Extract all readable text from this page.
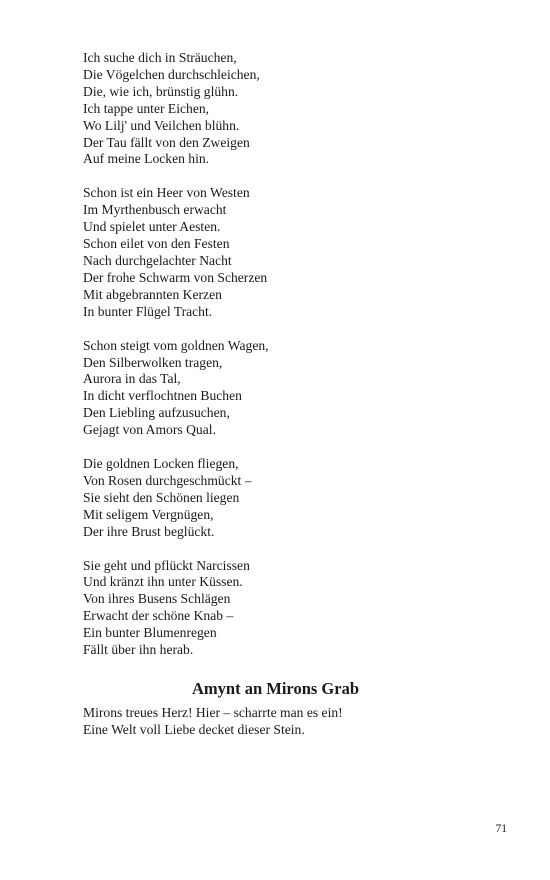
Ich suche dich in Sträuchen,
Die Vögelchen durchschleichen,
Die, wie ich, brünstig glühn.
Ich tappe unter Eichen,
Wo Lilj' und Veilchen blühn.
Der Tau fällt von den Zweigen
Auf meine Locken hin.
Schon ist ein Heer von Westen
Im Myrthenbusch erwacht
Und spielet unter Aesten.
Schon eilet von den Festen
Nach durchgelachter Nacht
Der frohe Schwarm von Scherzen
Mit abgebrannten Kerzen
In bunter Flügel Tracht.
Schon steigt vom goldnen Wagen,
Den Silberwolken tragen,
Aurora in das Tal,
In dicht verflochtnen Buchen
Den Liebling aufzusuchen,
Gejagt von Amors Qual.
Die goldnen Locken fliegen,
Von Rosen durchgeschmückt –
Sie sieht den Schönen liegen
Mit seligem Vergnügen,
Der ihre Brust beglückt.
Sie geht und pflückt Narcissen
Und kränzt ihn unter Küssen.
Von ihres Busens Schlägen
Erwacht der schöne Knab –
Ein bunter Blumenregen
Fällt über ihn herab.
Amynt an Mirons Grab
Mirons treues Herz! Hier – scharrte man es ein!
Eine Welt voll Liebe decket dieser Stein.
71
